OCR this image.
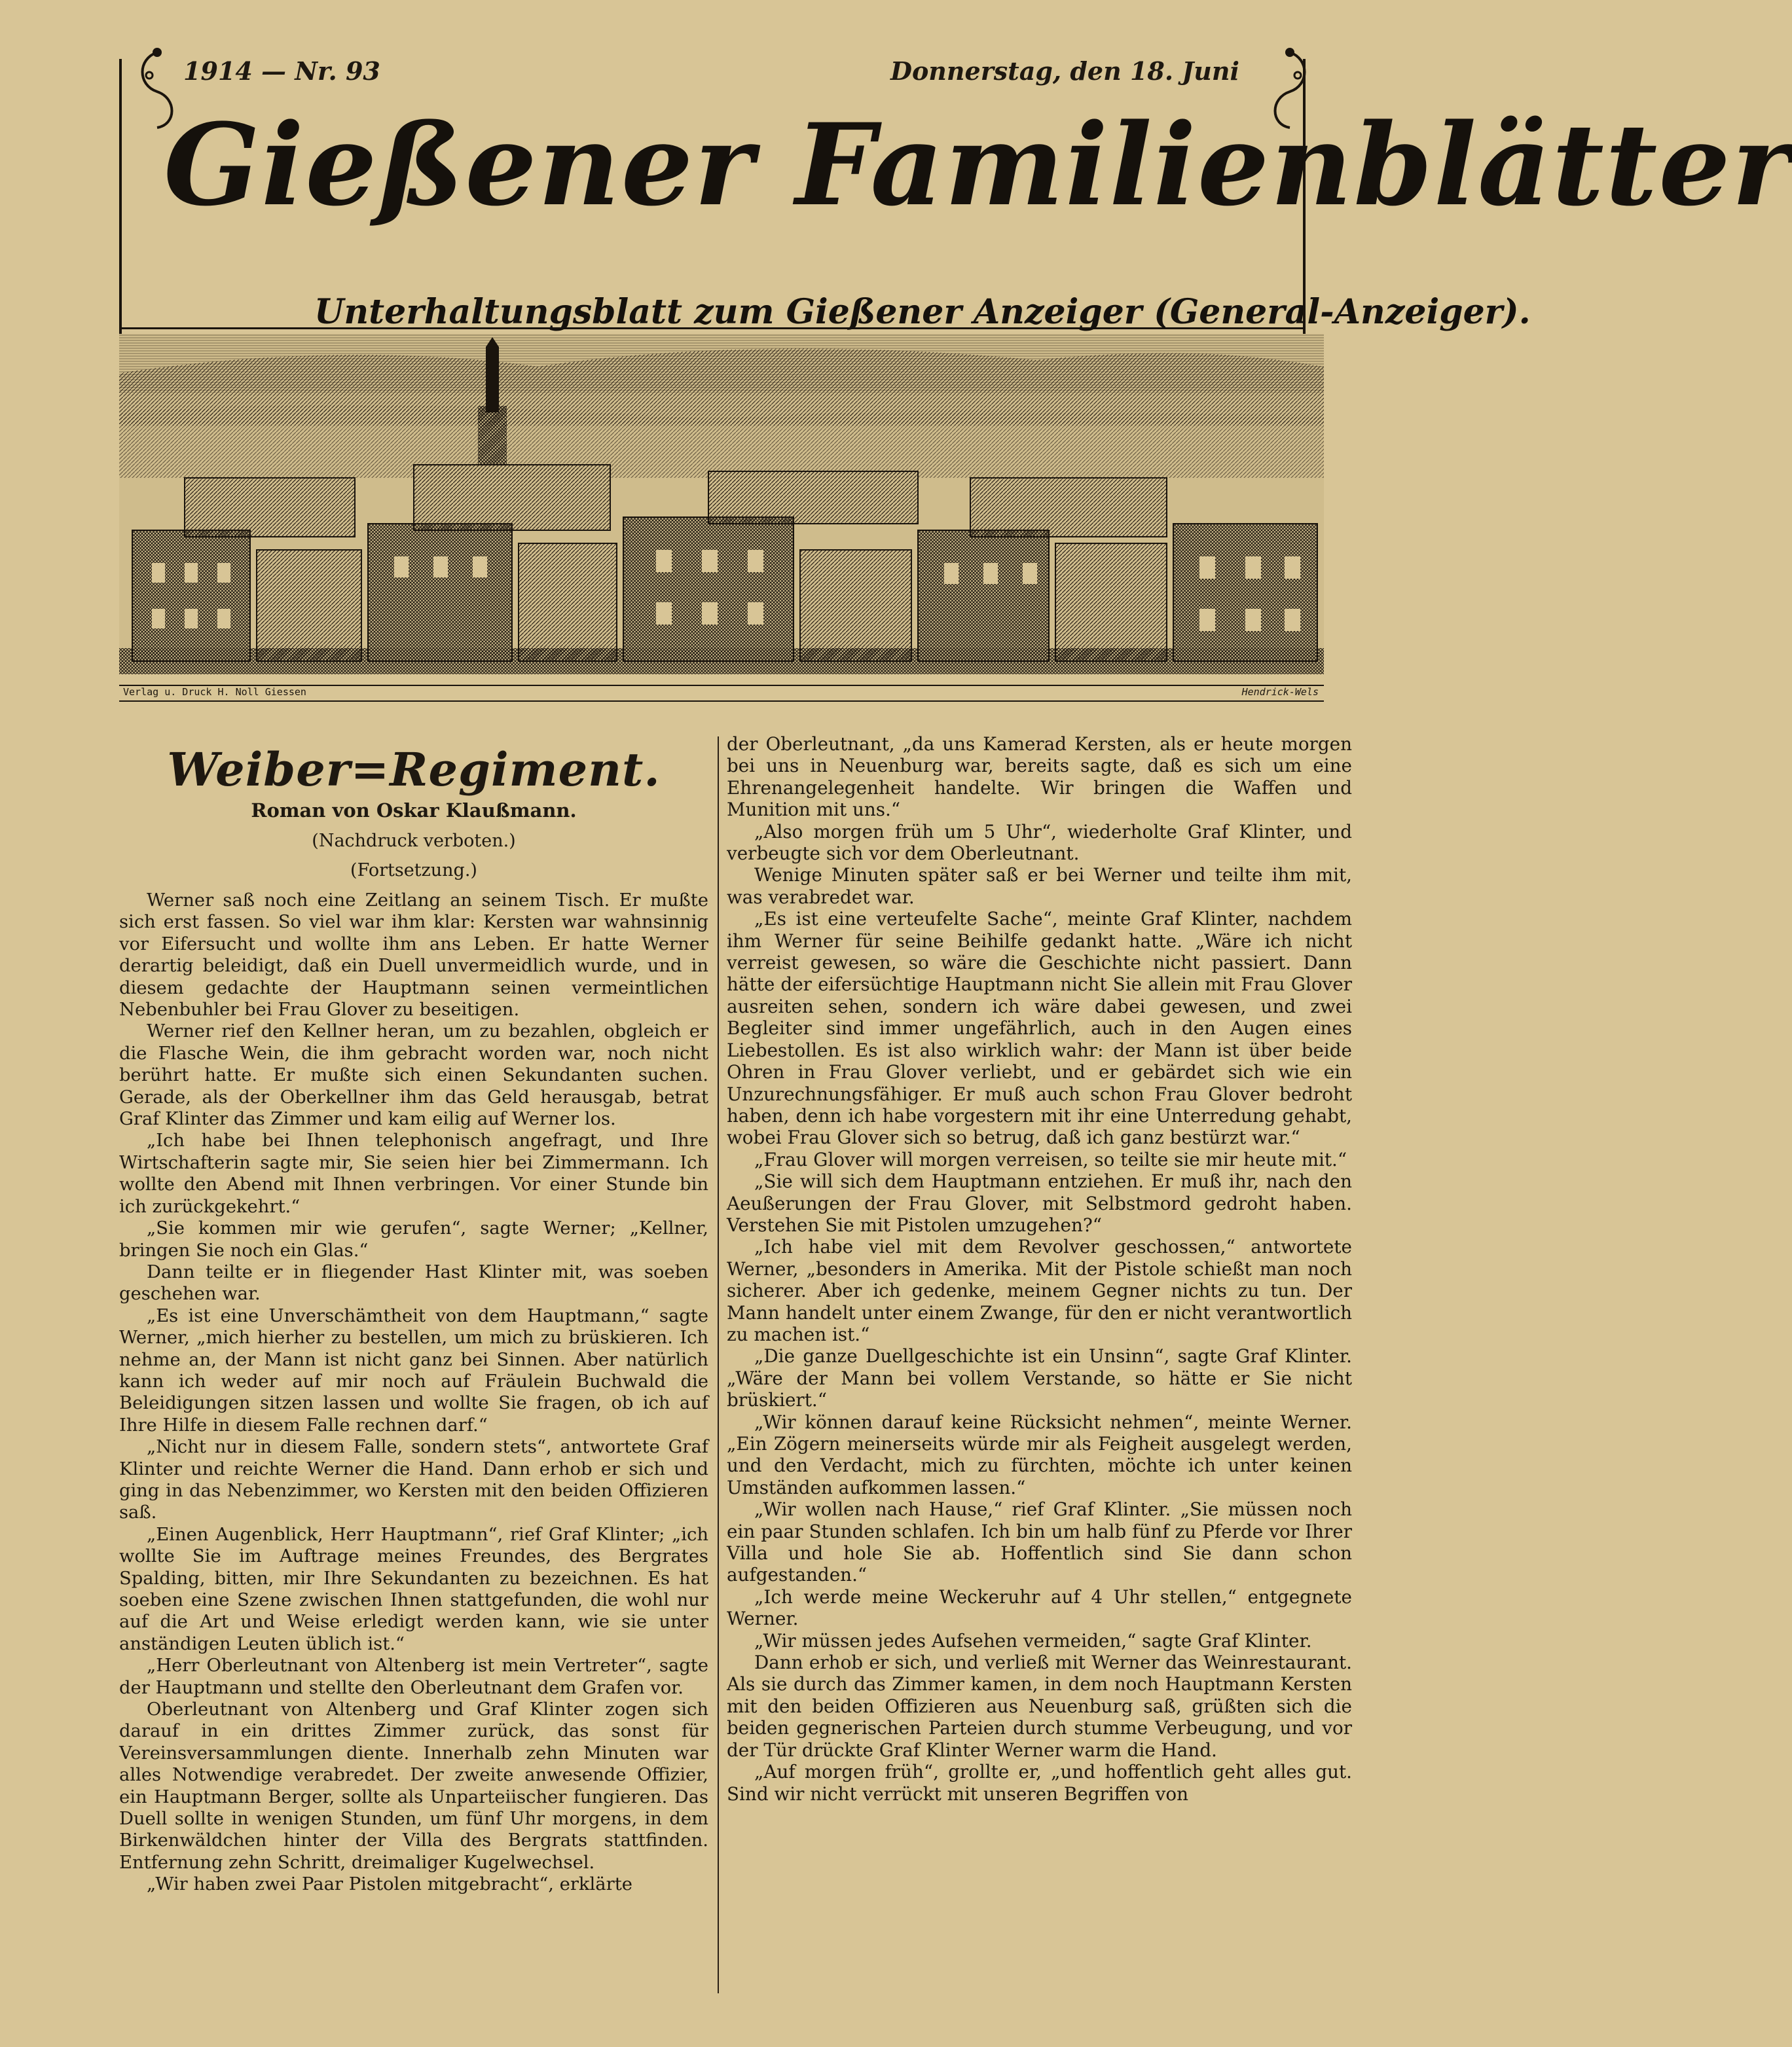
1914 — Nr. 93	Donnerstag, den 18. Juni
Gießener Familienblätter
Unterhaltungsblatt zum Gießener Anzeiger (General-Anzeiger).
Verlag u. Druck H. Noll Giessen	Hendrick-Wels
Weiber=Regiment.
Roman von Oskar Klaußmann.
(Nachdruck verboten.)
(Fortsetzung.)

Werner saß noch eine Zeitlang an seinem Tisch. Er mußte sich erst fassen. So viel war ihm klar: Kersten war wahnsinnig vor Eifersucht und wollte ihm ans Leben. Er hatte Werner derartig beleidigt, daß ein Duell unvermeidlich wurde, und in diesem gedachte der Hauptmann seinen vermeintlichen Nebenbuhler bei Frau Glover zu beseitigen.

Werner rief den Kellner heran, um zu bezahlen, obgleich er die Flasche Wein, die ihm gebracht worden war, noch nicht berührt hatte. Er mußte sich einen Sekundanten suchen. Gerade, als der Oberkellner ihm das Geld herausgab, betrat Graf Klinter das Zimmer und kam eilig auf Werner los.

„Ich habe bei Ihnen telephonisch angefragt, und Ihre Wirtschafterin sagte mir, Sie seien hier bei Zimmermann. Ich wollte den Abend mit Ihnen verbringen. Vor einer Stunde bin ich zurückgekehrt.“

„Sie kommen mir wie gerufen“, sagte Werner; „Kellner, bringen Sie noch ein Glas.“

Dann teilte er in fliegender Hast Klinter mit, was soeben geschehen war.

„Es ist eine Unverschämtheit von dem Hauptmann,“ sagte Werner, „mich hierher zu bestellen, um mich zu brüskieren. Ich nehme an, der Mann ist nicht ganz bei Sinnen. Aber natürlich kann ich weder auf mir noch auf Fräulein Buchwald die Beleidigungen sitzen lassen und wollte Sie fragen, ob ich auf Ihre Hilfe in diesem Falle rechnen darf.“

„Nicht nur in diesem Falle, sondern stets“, antwortete Graf Klinter und reichte Werner die Hand. Dann erhob er sich und ging in das Nebenzimmer, wo Kersten mit den beiden Offizieren saß.

„Einen Augenblick, Herr Hauptmann“, rief Graf Klinter; „ich wollte Sie im Auftrage meines Freundes, des Bergrates Spalding, bitten, mir Ihre Sekundanten zu bezeichnen. Es hat soeben eine Szene zwischen Ihnen stattgefunden, die wohl nur auf die Art und Weise erledigt werden kann, wie sie unter anständigen Leuten üblich ist.“

„Herr Oberleutnant von Altenberg ist mein Vertreter“, sagte der Hauptmann und stellte den Oberleutnant dem Grafen vor.

Oberleutnant von Altenberg und Graf Klinter zogen sich darauf in ein drittes Zimmer zurück, das sonst für Vereinsversammlungen diente. Innerhalb zehn Minuten war alles Notwendige verabredet. Der zweite anwesende Offizier, ein Hauptmann Berger, sollte als Unparteiischer fungieren. Das Duell sollte in wenigen Stunden, um fünf Uhr morgens, in dem Birkenwäldchen hinter der Villa des Bergrats stattfinden. Entfernung zehn Schritt, dreimaliger Kugelwechsel.

„Wir haben zwei Paar Pistolen mitgebracht“, erklärte

der Oberleutnant, „da uns Kamerad Kersten, als er heute morgen bei uns in Neuenburg war, bereits sagte, daß es sich um eine Ehrenangelegenheit handelte. Wir bringen die Waffen und Munition mit uns.“

„Also morgen früh um 5 Uhr“, wiederholte Graf Klinter, und verbeugte sich vor dem Oberleutnant.

Wenige Minuten später saß er bei Werner und teilte ihm mit, was verabredet war.

„Es ist eine verteufelte Sache“, meinte Graf Klinter, nachdem ihm Werner für seine Beihilfe gedankt hatte. „Wäre ich nicht verreist gewesen, so wäre die Geschichte nicht passiert. Dann hätte der eifersüchtige Hauptmann nicht Sie allein mit Frau Glover ausreiten sehen, sondern ich wäre dabei gewesen, und zwei Begleiter sind immer ungefährlich, auch in den Augen eines Liebestollen. Es ist also wirklich wahr: der Mann ist über beide Ohren in Frau Glover verliebt, und er gebärdet sich wie ein Unzurechnungsfähiger. Er muß auch schon Frau Glover bedroht haben, denn ich habe vorgestern mit ihr eine Unterredung gehabt, wobei Frau Glover sich so betrug, daß ich ganz bestürzt war.“

„Frau Glover will morgen verreisen, so teilte sie mir heute mit.“

„Sie will sich dem Hauptmann entziehen. Er muß ihr, nach den Aeußerungen der Frau Glover, mit Selbstmord gedroht haben. Verstehen Sie mit Pistolen umzugehen?“

„Ich habe viel mit dem Revolver geschossen,“ antwortete Werner, „besonders in Amerika. Mit der Pistole schießt man noch sicherer. Aber ich gedenke, meinem Gegner nichts zu tun. Der Mann handelt unter einem Zwange, für den er nicht verantwortlich zu machen ist.“

„Die ganze Duellgeschichte ist ein Unsinn“, sagte Graf Klinter. „Wäre der Mann bei vollem Verstande, so hätte er Sie nicht brüskiert.“

„Wir können darauf keine Rücksicht nehmen“, meinte Werner. „Ein Zögern meinerseits würde mir als Feigheit ausgelegt werden, und den Verdacht, mich zu fürchten, möchte ich unter keinen Umständen aufkommen lassen.“

„Wir wollen nach Hause,“ rief Graf Klinter. „Sie müssen noch ein paar Stunden schlafen. Ich bin um halb fünf zu Pferde vor Ihrer Villa und hole Sie ab. Hoffentlich sind Sie dann schon aufgestanden.“

„Ich werde meine Weckeruhr auf 4 Uhr stellen,“ entgegnete Werner.

„Wir müssen jedes Aufsehen vermeiden,“ sagte Graf Klinter.

Dann erhob er sich, und verließ mit Werner das Weinrestaurant. Als sie durch das Zimmer kamen, in dem noch Hauptmann Kersten mit den beiden Offizieren aus Neuenburg saß, grüßten sich die beiden gegnerischen Parteien durch stumme Verbeugung, und vor der Tür drückte Graf Klinter Werner warm die Hand.

„Auf morgen früh“, grollte er, „und hoffentlich geht alles gut. Sind wir nicht verrückt mit unseren Begriffen von
